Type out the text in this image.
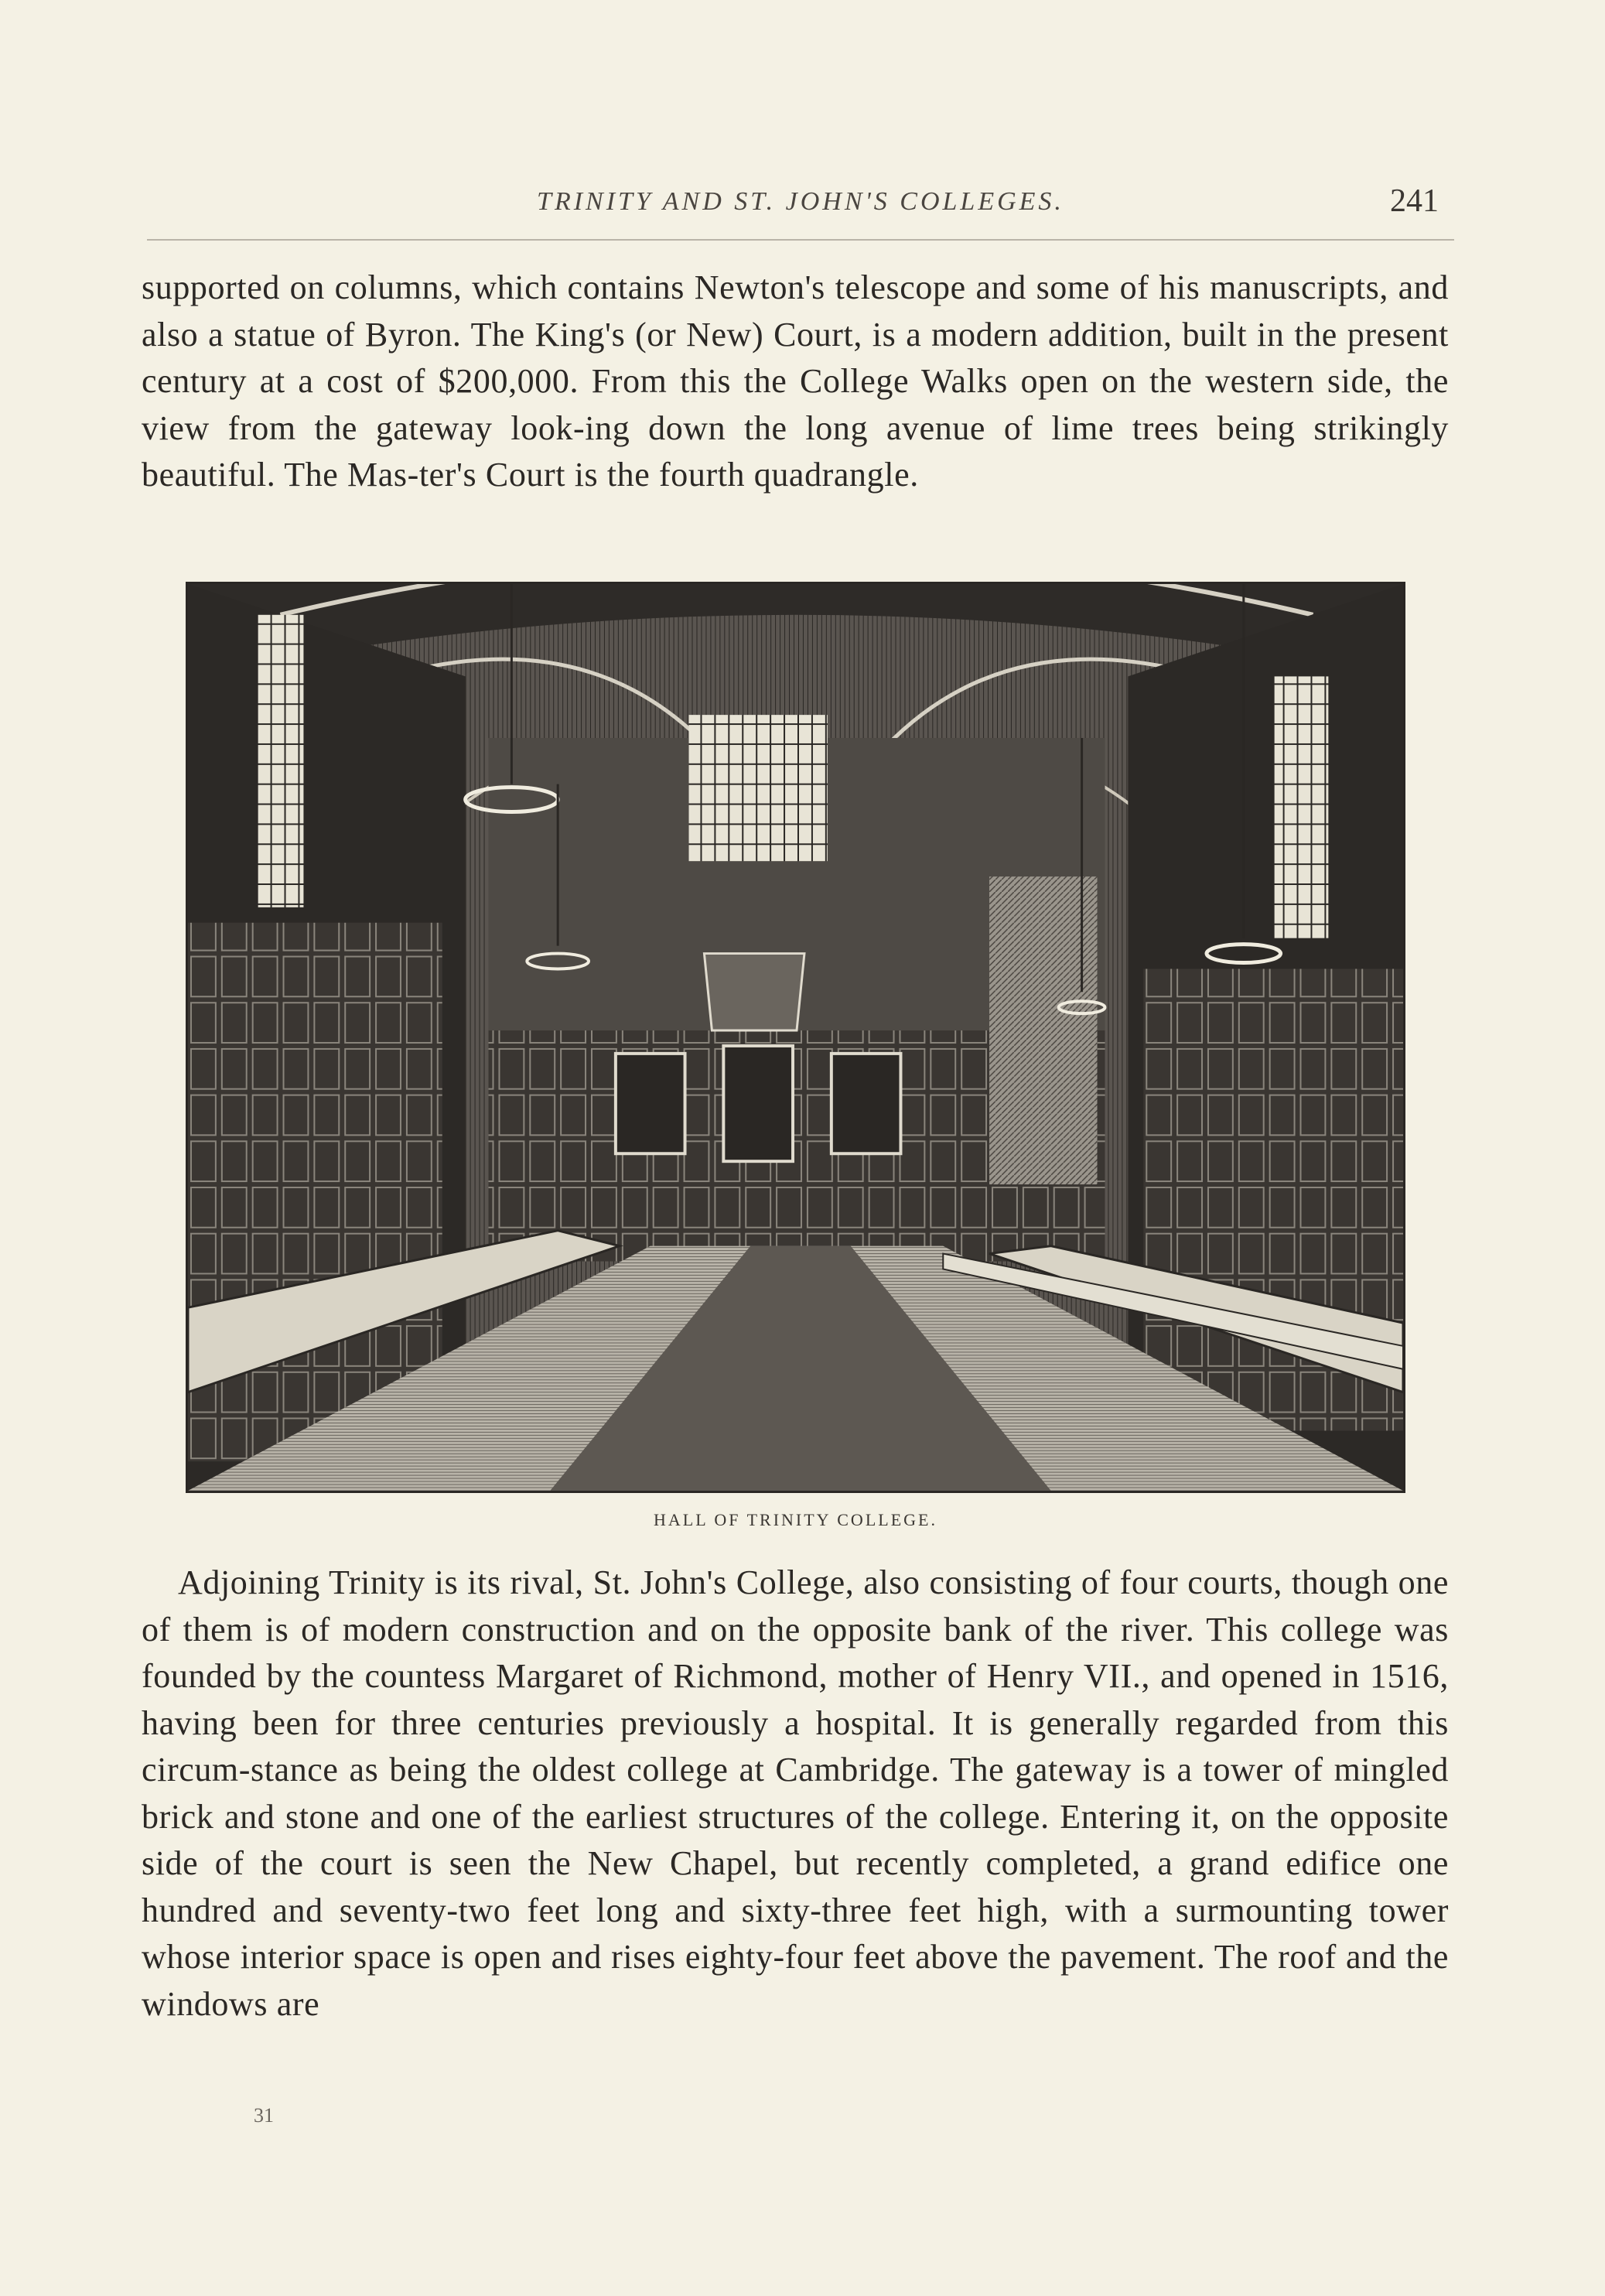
TRINITY AND ST. JOHN'S COLLEGES.	241
supported on columns, which contains Newton's telescope and some of his manuscripts, and also a statue of Byron. The King's (or New) Court, is a modern addition, built in the present century at a cost of $200,000. From this the College Walks open on the western side, the view from the gateway look-ing down the long avenue of lime trees being strikingly beautiful. The Mas-ter's Court is the fourth quadrangle.
HALL OF TRINITY COLLEGE.
Adjoining Trinity is its rival, St. John's College, also consisting of four courts, though one of them is of modern construction and on the opposite bank of the river. This college was founded by the countess Margaret of Richmond, mother of Henry VII., and opened in 1516, having been for three centuries previously a hospital. It is generally regarded from this circum-stance as being the oldest college at Cambridge. The gateway is a tower of mingled brick and stone and one of the earliest structures of the college. Entering it, on the opposite side of the court is seen the New Chapel, but recently completed, a grand edifice one hundred and seventy-two feet long and sixty-three feet high, with a surmounting tower whose interior space is open and rises eighty-four feet above the pavement. The roof and the windows are
31
